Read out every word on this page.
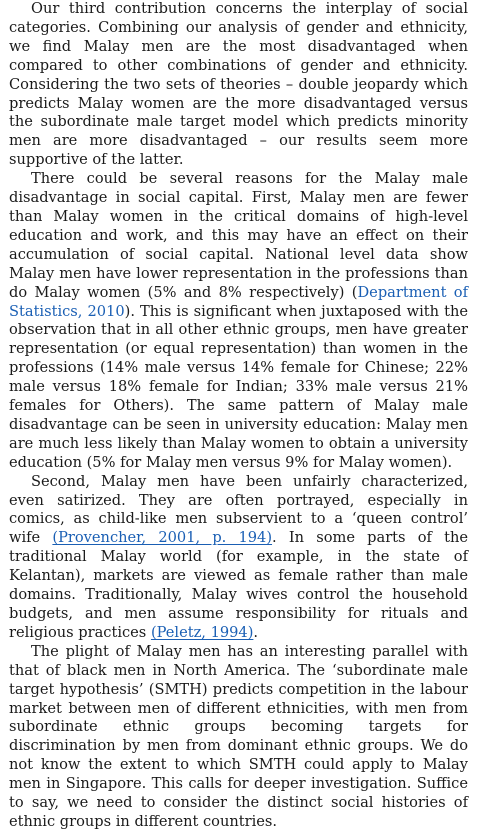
Our third contribution concerns the interplay of social categories. Combining our analysis of gender and ethnicity, we find Malay men are the most disadvantaged when compared to other combinations of gender and ethnicity. Considering the two sets of theories – double jeopardy which predicts Malay women are the more disadvantaged versus the subordinate male target model which predicts minority men are more disadvantaged – our results seem more supportive of the latter.

There could be several reasons for the Malay male disadvantage in social capital. First, Malay men are fewer than Malay women in the critical domains of high-level education and work, and this may have an effect on their accumulation of social capital. National level data show Malay men have lower representation in the professions than do Malay women (5% and 8% respectively) (Department of Statistics, 2010). This is significant when juxtaposed with the observation that in all other ethnic groups, men have greater representation (or equal representation) than women in the professions (14% male versus 14% female for Chinese; 22% male versus 18% female for Indian; 33% male versus 21% females for Others). The same pattern of Malay male disadvantage can be seen in university education: Malay men are much less likely than Malay women to obtain a university education (5% for Malay men versus 9% for Malay women).

Second, Malay men have been unfairly characterized, even satirized. They are often portrayed, especially in comics, as child-like men subservient to a ‘queen control’ wife (Provencher, 2001, p. 194). In some parts of the traditional Malay world (for example, in the state of Kelantan), markets are viewed as female rather than male domains. Traditionally, Malay wives control the household budgets, and men assume responsibility for rituals and religious practices (Peletz, 1994).

The plight of Malay men has an interesting parallel with that of black men in North America. The ‘subordinate male target hypothesis’ (SMTH) predicts competition in the labour market between men of different ethnicities, with men from subordinate ethnic groups becoming targets for discrimination by men from dominant ethnic groups. We do not know the extent to which SMTH could apply to Malay men in Singapore. This calls for deeper investigation. Suffice to say, we need to consider the distinct social histories of ethnic groups in different countries.
